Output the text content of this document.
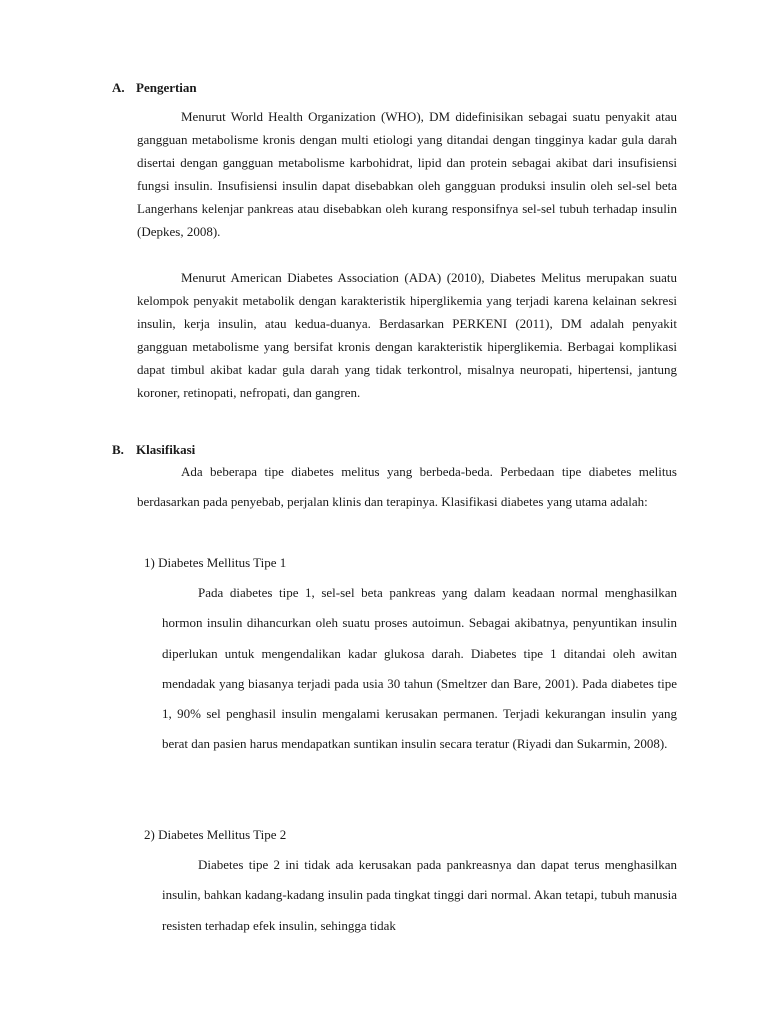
A. Pengertian

Menurut World Health Organization (WHO), DM didefinisikan sebagai suatu penyakit atau gangguan metabolisme kronis dengan multi etiologi yang ditandai dengan tingginya kadar gula darah disertai dengan gangguan metabolisme karbohidrat, lipid dan protein sebagai akibat dari insufisiensi fungsi insulin. Insufisiensi insulin dapat disebabkan oleh gangguan produksi insulin oleh sel-sel beta Langerhans kelenjar pankreas atau disebabkan oleh kurang responsifnya sel-sel tubuh terhadap insulin (Depkes, 2008).

Menurut American Diabetes Association (ADA) (2010), Diabetes Melitus merupakan suatu kelompok penyakit metabolik dengan karakteristik hiperglikemia yang terjadi karena kelainan sekresi insulin, kerja insulin, atau kedua-duanya. Berdasarkan PERKENI (2011), DM adalah penyakit gangguan metabolisme yang bersifat kronis dengan karakteristik hiperglikemia. Berbagai komplikasi dapat timbul akibat kadar gula darah yang tidak terkontrol, misalnya neuropati, hipertensi, jantung koroner, retinopati, nefropati, dan gangren.

B. Klasifikasi

Ada beberapa tipe diabetes melitus yang berbeda-beda. Perbedaan tipe diabetes melitus berdasarkan pada penyebab, perjalan klinis dan terapinya. Klasifikasi diabetes yang utama adalah:

1) Diabetes Mellitus Tipe 1

Pada diabetes tipe 1, sel-sel beta pankreas yang dalam keadaan normal menghasilkan hormon insulin dihancurkan oleh suatu proses autoimun. Sebagai akibatnya, penyuntikan insulin diperlukan untuk mengendalikan kadar glukosa darah. Diabetes tipe 1 ditandai oleh awitan mendadak yang biasanya terjadi pada usia 30 tahun (Smeltzer dan Bare, 2001). Pada diabetes tipe 1, 90% sel penghasil insulin mengalami kerusakan permanen. Terjadi kekurangan insulin yang berat dan pasien harus mendapatkan suntikan insulin secara teratur (Riyadi dan Sukarmin, 2008).

2) Diabetes Mellitus Tipe 2

Diabetes tipe 2 ini tidak ada kerusakan pada pankreasnya dan dapat terus menghasilkan insulin, bahkan kadang-kadang insulin pada tingkat tinggi dari normal. Akan tetapi, tubuh manusia resisten terhadap efek insulin, sehingga tidak
